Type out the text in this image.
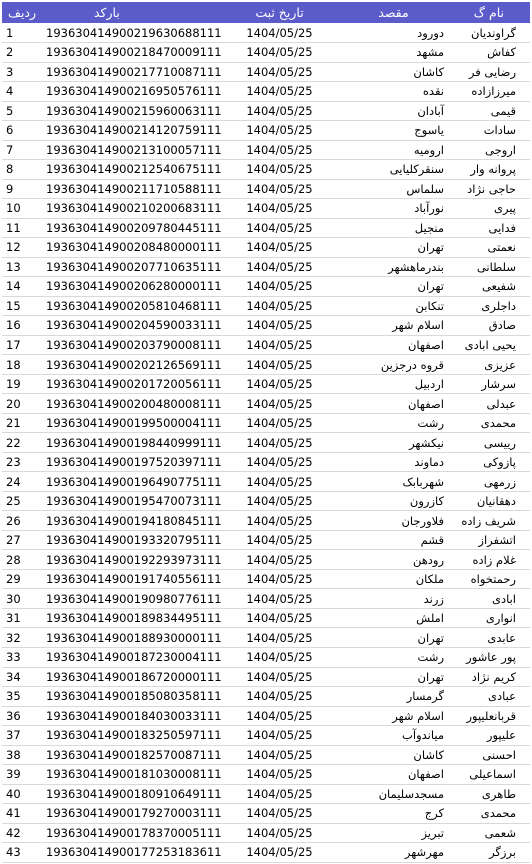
ردیف	بارکد	تاریخ ثبت	مقصد	نام گ
1	193630414900219630688111	1404/05/25	دورود	گراوندیان
2	193630414900218470009111	1404/05/25	مشهد	کفاش
3	193630414900217710087111	1404/05/25	کاشان	رضایی فر
4	193630414900216950576111	1404/05/25	نقده	میرزازاده
5	193630414900215960063111	1404/05/25	آبادان	قیمی
6	193630414900214120759111	1404/05/25	یاسوج	سادات
7	193630414900213100057111	1404/05/25	ارومیه	اروجی
8	193630414900212540675111	1404/05/25	سنقرکلیایی	پروانه وار
9	193630414900211710588111	1404/05/25	سلماس	حاجی نژاد
10	193630414900210200683111	1404/05/25	نورآباد	پیری
11	193630414900209780445111	1404/05/25	منجیل	فدایی
12	193630414900208480000111	1404/05/25	تهران	نعمتی
13	193630414900207710635111	1404/05/25	بندرماهشهر	سلطانی
14	193630414900206280000111	1404/05/25	تهران	شفیعی
15	193630414900205810468111	1404/05/25	تنکابن	داجلری
16	193630414900204590033111	1404/05/25	اسلام شهر	صادق
17	193630414900203790008111	1404/05/25	اصفهان	یحیی ابادی
18	193630414900202126569111	1404/05/25	قروه درجزین	عزیزی
19	193630414900201720056111	1404/05/25	اردبیل	سرشار
20	193630414900200480008111	1404/05/25	اصفهان	عبدلی
21	193630414900199500004111	1404/05/25	رشت	محمدی
22	193630414900198440999111	1404/05/25	نیکشهر	رییسی
23	193630414900197520397111	1404/05/25	دماوند	پازوکی
24	193630414900196490775111	1404/05/25	شهربابک	زرمهی
25	193630414900195470073111	1404/05/25	کازرون	دهقانیان
26	193630414900194180845111	1404/05/25	فلاورجان	شریف زاده
27	193630414900193320795111	1404/05/25	قشم	اتشفراز
28	193630414900192293973111	1404/05/25	رودهن	غلام زاده
29	193630414900191740556111	1404/05/25	ملکان	رحمتخواه
30	193630414900190980776111	1404/05/25	زرند	ابادی
31	193630414900189834495111	1404/05/25	املش	انواری
32	193630414900188930000111	1404/05/25	تهران	عابدی
33	193630414900187230004111	1404/05/25	رشت	پور عاشور
34	193630414900186720000111	1404/05/25	تهران	کریم نژاد
35	193630414900185080358111	1404/05/25	گرمسار	عبادی
36	193630414900184030033111	1404/05/25	اسلام شهر	قربانعلیپور
37	193630414900183250597111	1404/05/25	میاندوآب	علیپور
38	193630414900182570087111	1404/05/25	کاشان	احسنی
39	193630414900181030008111	1404/05/25	اصفهان	اسماعیلی
40	193630414900180910649111	1404/05/25	مسجدسلیمان	طاهری
41	193630414900179270003111	1404/05/25	کرج	محمدی
42	193630414900178370005111	1404/05/25	تبریز	شعمی
43	193630414900177253183611	1404/05/25	مهرشهر	برزگر
